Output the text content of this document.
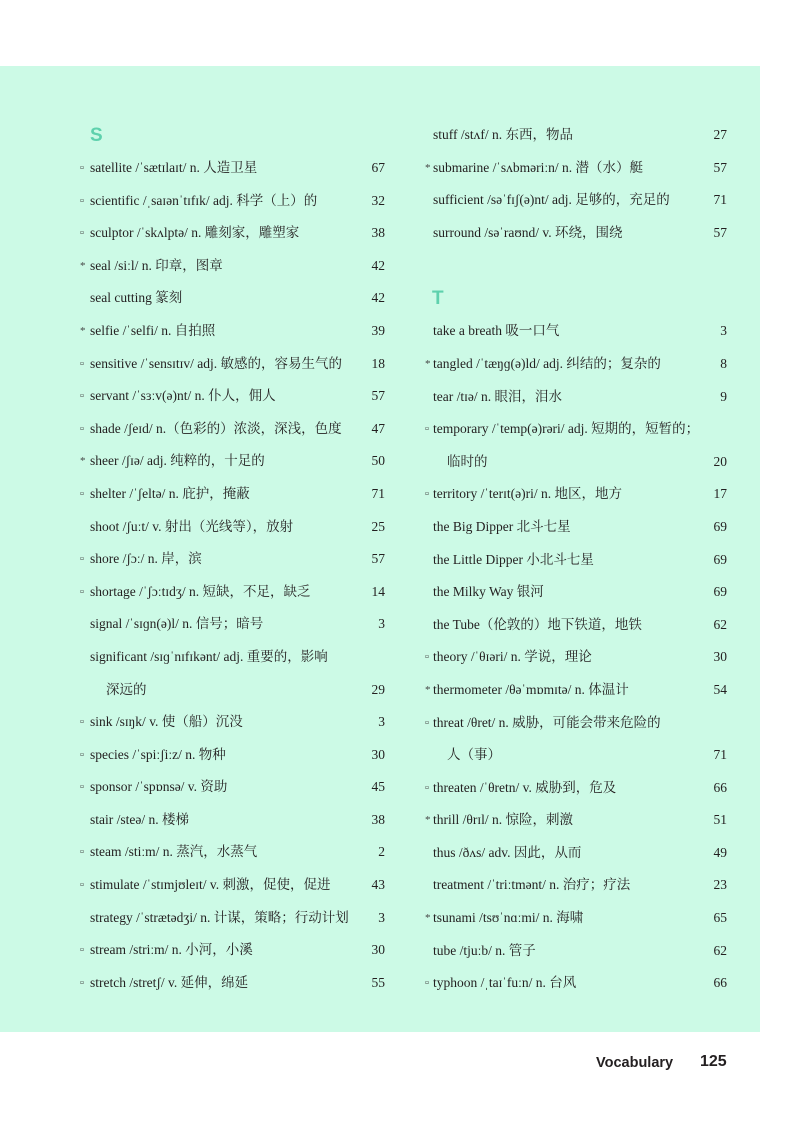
S
▫ satellite /ˈsætɪlaɪt/ n. 人造卫星	67
▫ scientific /ˌsaɪənˈtɪfɪk/ adj. 科学（上）的	32
▫ sculptor /ˈskʌlptə/ n. 雕刻家，雕塑家	38
* seal /siːl/ n. 印章，图章	42
seal cutting 篆刻	42
* selfie /ˈselfi/ n. 自拍照	39
▫ sensitive /ˈsensɪtɪv/ adj. 敏感的，容易生气的 18
▫ servant /ˈsɜːv(ə)nt/ n. 仆人，佣人	57
▫ shade /ʃeɪd/ n.（色彩的）浓淡，深浅，色度 47
* sheer /ʃɪə/ adj. 纯粹的，十足的	50
▫ shelter /ˈʃeltə/ n. 庇护，掩蔽	71
shoot /ʃuːt/ v. 射出（光线等），放射	25
▫ shore /ʃɔː/ n. 岸，滨	57
▫ shortage /ˈʃɔːtɪdʒ/ n. 短缺，不足，缺乏	14
signal /ˈsɪɡn(ə)l/ n. 信号；暗号	3
significant /sɪɡˈnɪfɪkənt/ adj. 重要的，影响
深远的	29
▫ sink /sɪŋk/ v. 使（船）沉没	3
▫ species /ˈspiːʃiːz/ n. 物种	30
▫ sponsor /ˈspɒnsə/ v. 资助	45
stair /steə/ n. 楼梯	38
▫ steam /stiːm/ n. 蒸汽，水蒸气	2
▫ stimulate /ˈstɪmjʊleɪt/ v. 刺激，促使，促进	43
strategy /ˈstrætədʒi/ n. 计谋，策略；行动计划 3
▫ stream /striːm/ n. 小河，小溪	30
▫ stretch /stretʃ/ v. 延伸，绵延	55
stuff /stʌf/ n. 东西，物品	27
* submarine /ˈsʌbməriːn/ n. 潜（水）艇	57
sufficient /səˈfɪʃ(ə)nt/ adj. 足够的，充足的	71
surround /səˈraʊnd/ v. 环绕，围绕	57
T
take a breath 吸一口气	3
* tangled /ˈtæŋɡ(ə)ld/ adj. 纠结的；复杂的	8
tear /tɪə/ n. 眼泪，泪水	9
▫ temporary /ˈtemp(ə)rəri/ adj. 短期的，短暂的；
临时的	20
▫ territory /ˈterɪt(ə)ri/ n. 地区，地方	17
the Big Dipper 北斗七星	69
the Little Dipper 小北斗七星	69
the Milky Way 银河	69
the Tube（伦敦的）地下铁道，地铁	62
▫ theory /ˈθɪəri/ n. 学说，理论	30
* thermometer /θəˈmɒmɪtə/ n. 体温计	54
▫ threat /θret/ n. 威胁，可能会带来危险的
人（事）	71
▫ threaten /ˈθretn/ v. 威胁到，危及	66
* thrill /θrɪl/ n. 惊险，刺激	51
thus /ðʌs/ adv. 因此，从而	49
treatment /ˈtriːtmənt/ n. 治疗；疗法	23
* tsunami /tsʊˈnɑːmi/ n. 海啸	65
tube /tjuːb/ n. 管子	62
▫ typhoon /ˌtaɪˈfuːn/ n. 台风	66
Vocabulary 125
